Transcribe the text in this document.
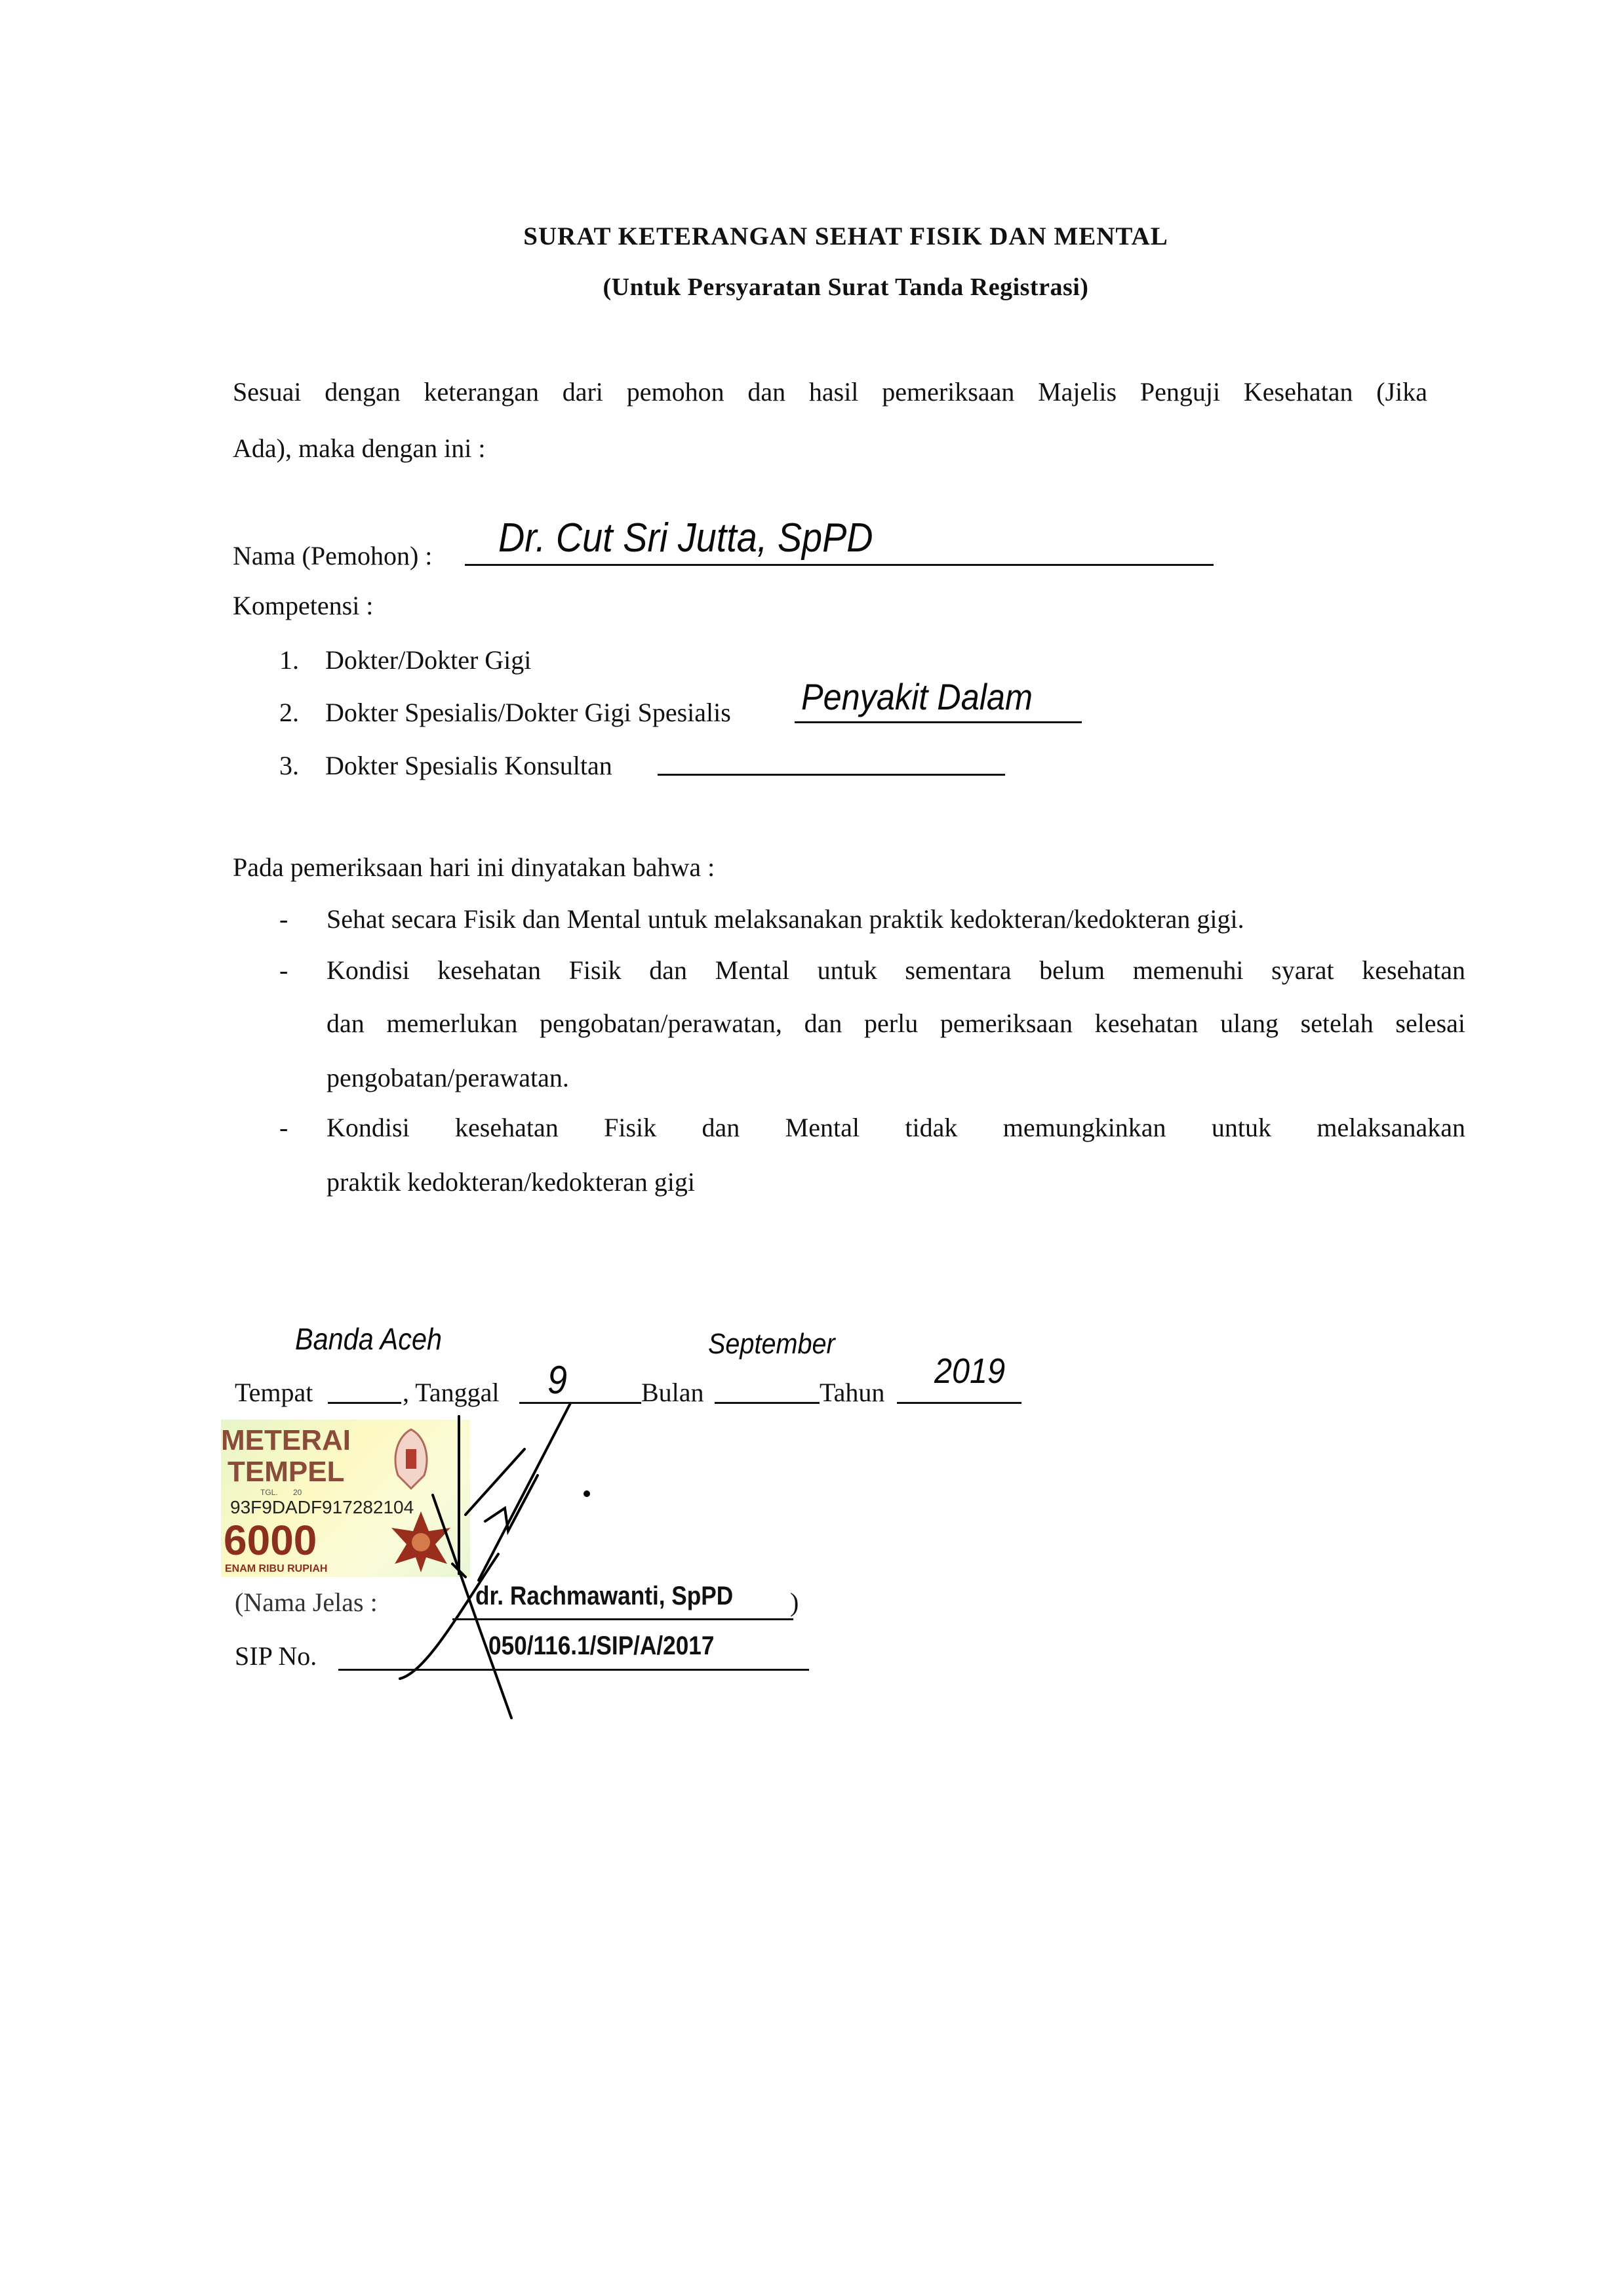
SURAT KETERANGAN SEHAT FISIK DAN MENTAL
(Untuk Persyaratan Surat Tanda Registrasi)
Sesuai dengan keterangan dari pemohon dan hasil pemeriksaan Majelis Penguji Kesehatan (Jika
Ada), maka dengan ini :
Nama (Pemohon) : Dr. Cut Sri Jutta, SpPD
Kompetensi :
1. Dokter/Dokter Gigi
2. Dokter Spesialis/Dokter Gigi Spesialis Penyakit Dalam
3. Dokter Spesialis Konsultan
Pada pemeriksaan hari ini dinyatakan bahwa :
- Sehat secara Fisik dan Mental untuk melaksanakan praktik kedokteran/kedokteran gigi.
- Kondisi kesehatan Fisik dan Mental untuk sementara belum memenuhi syarat kesehatan
dan memerlukan pengobatan/perawatan, dan perlu pemeriksaan kesehatan ulang setelah selesai
pengobatan/perawatan.
- Kondisi kesehatan Fisik dan Mental tidak memungkinkan untuk melaksanakan
praktik kedokteran/kedokteran gigi
Tempat
Banda Aceh
, Tanggal 9	Bulan
September
Tahun
2019
(Nama Jelas :	dr. Rachmawanti, SpPD )
SIP No.	050/116.1/SIP/A/2017
METERAI
TEMPEL
TGL. 20
93F9DADF917282104
6000
ENAM RIBU RUPIAH
